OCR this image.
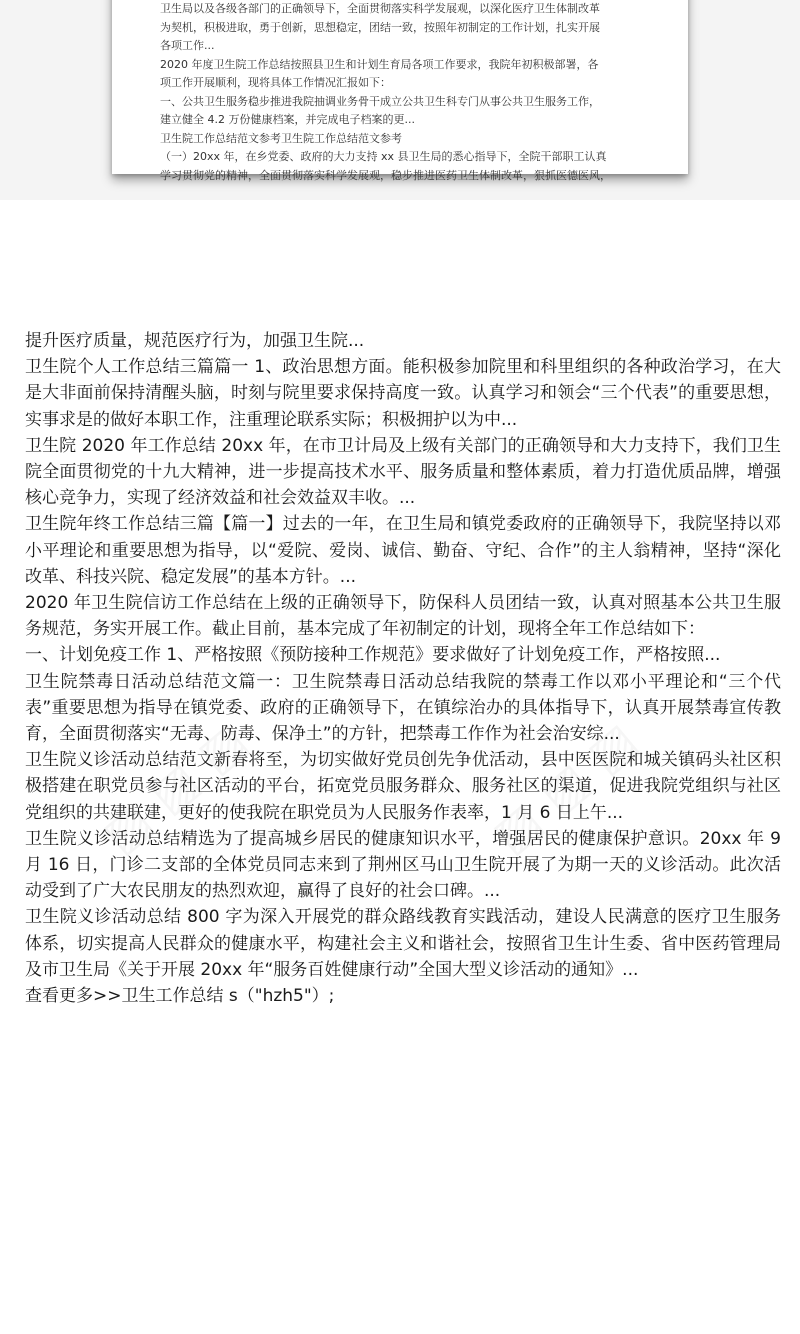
卫生局以及各级各部门的正确领导下，全面贯彻落实科学发展观，以深化医疗卫生体制改革

为契机，积极进取，勇于创新，思想稳定，团结一致，按照年初制定的工作计划，扎实开展

各项工作...

2020 年度卫生院工作总结按照县卫生和计划生育局各项工作要求，我院年初积极部署，各

项工作开展顺利，现将具体工作情况汇报如下：

一、公共卫生服务稳步推进我院抽调业务骨干成立公共卫生科专门从事公共卫生服务工作，

建立健全 4.2 万份健康档案，并完成电子档案的更...

卫生院工作总结范文参考卫生院工作总结范文参考

（一）20xx 年，在乡党委、政府的大力支持 xx 县卫生局的悉心指导下，全院干部职工认真

学习贯彻党的精神，全面贯彻落实科学发展观，稳步推进医药卫生体制改革，狠抓医德医风，

提升医疗质量，规范医疗行为，加强卫生院...

卫生院个人工作总结三篇篇一 1、政治思想方面。能积极参加院里和科里组织的各种政治学习，在大是大非面前保持清醒头脑，时刻与院里要求保持高度一致。认真学习和领会“三个代表”的重要思想，实事求是的做好本职工作，注重理论联系实际；积极拥护以为中...

卫生院 2020 年工作总结 20xx 年，在市卫计局及上级有关部门的正确领导和大力支持下，我们卫生院全面贯彻党的十九大精神，进一步提高技术水平、服务质量和整体素质，着力打造优质品牌，增强核心竞争力，实现了经济效益和社会效益双丰收。...

卫生院年终工作总结三篇【篇一】过去的一年，在卫生局和镇党委政府的正确领导下，我院坚持以邓小平理论和重要思想为指导，以“爱院、爱岗、诚信、勤奋、守纪、合作”的主人翁精神，坚持“深化改革、科技兴院、稳定发展”的基本方针。...

2020 年卫生院信访工作总结在上级的正确领导下，防保科人员团结一致，认真对照基本公共卫生服务规范，务实开展工作。截止目前，基本完成了年初制定的计划，现将全年工作总结如下：

一、计划免疫工作 1、严格按照《预防接种工作规范》要求做好了计划免疫工作，严格按照...

卫生院禁毒日活动总结范文篇一：卫生院禁毒日活动总结我院的禁毒工作以邓小平理论和“三个代表”重要思想为指导在镇党委、政府的正确领导下，在镇综治办的具体指导下，认真开展禁毒宣传教育，全面贯彻落实“无毒、防毒、保净土”的方针，把禁毒工作作为社会治安综...

卫生院义诊活动总结范文新春将至，为切实做好党员创先争优活动，县中医医院和城关镇码头社区积极搭建在职党员参与社区活动的平台，拓宽党员服务群众、服务社区的渠道，促进我院党组织与社区党组织的共建联建，更好的使我院在职党员为人民服务作表率，1 月 6 日上午...

卫生院义诊活动总结精选为了提高城乡居民的健康知识水平，增强居民的健康保护意识。20xx 年 9 月 16 日，门诊二支部的全体党员同志来到了荆州区马山卫生院开展了为期一天的义诊活动。此次活动受到了广大农民朋友的热烈欢迎，赢得了良好的社会口碑。...

卫生院义诊活动总结 800 字为深入开展党的群众路线教育实践活动，建设人民满意的医疗卫生服务体系，切实提高人民群众的健康水平，构建社会主义和谐社会，按照省卫生计生委、省中医药管理局及市卫生局《关于开展 20xx 年“服务百姓健康行动”全国大型义诊活动的通知》...

查看更多>>卫生工作总结 s（"hzh5"）;
